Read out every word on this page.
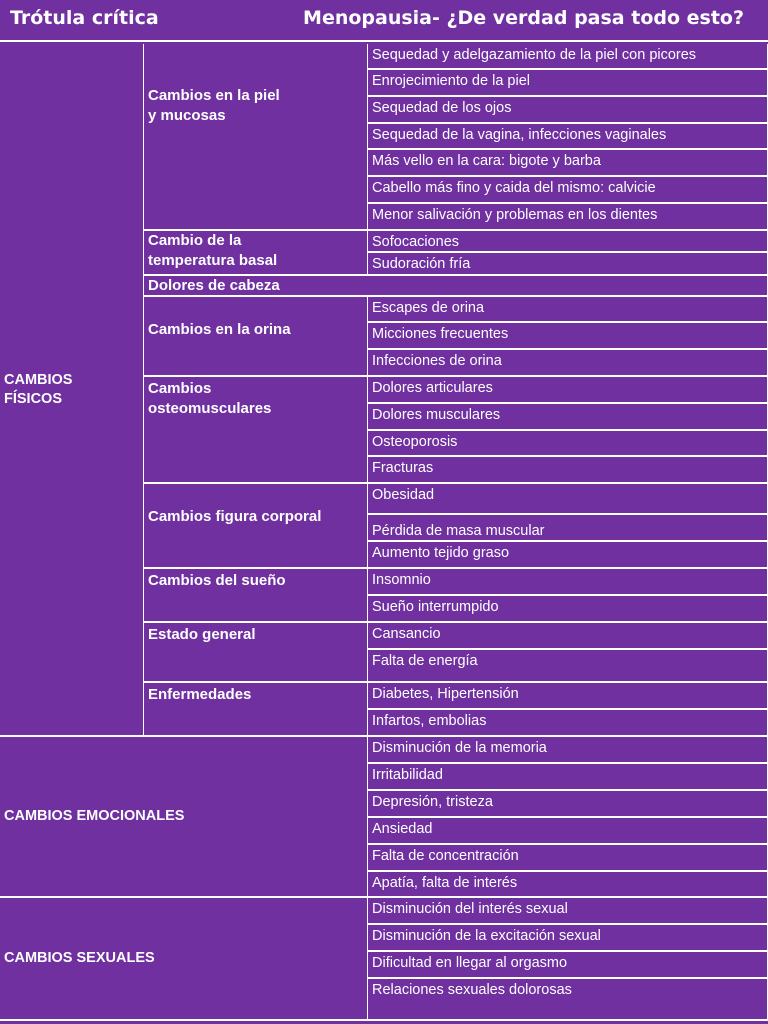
Trótula crítica	Menopausia- ¿De verdad pasa todo esto?
CAMBIOS
FÍSICOS
CAMBIOS EMOCIONALES
CAMBIOS SEXUALES
Cambios en la piel
y mucosas
Cambio de la
temperatura basal
Dolores de cabeza
Cambios en la orina
Cambios
osteomusculares
Cambios figura corporal
Cambios del sueño
Estado general
Enfermedades
Sequedad y adelgazamiento de la piel con picores
Enrojecimiento de la piel
Sequedad de los ojos
Sequedad de la vagina, infecciones vaginales
Más vello en la cara: bigote y barba
Cabello más fino y caida del mismo: calvicie
Menor salivación y problemas en los dientes
Sofocaciones
Sudoración fría
Escapes de orina
Micciones frecuentes
Infecciones de orina
Dolores articulares
Dolores musculares
Osteoporosis
Fracturas
Obesidad
Pérdida de masa muscular
Aumento tejido graso
Insomnio
Sueño interrumpido
Cansancio
Falta de energía
Diabetes, Hipertensión
Infartos, embolias
Disminución de la memoria
Irritabilidad
Depresión, tristeza
Ansiedad
Falta de concentración
Apatía, falta de interés
Disminución del interés sexual
Disminución de la excitación sexual
Dificultad en llegar al orgasmo
Relaciones sexuales dolorosas
